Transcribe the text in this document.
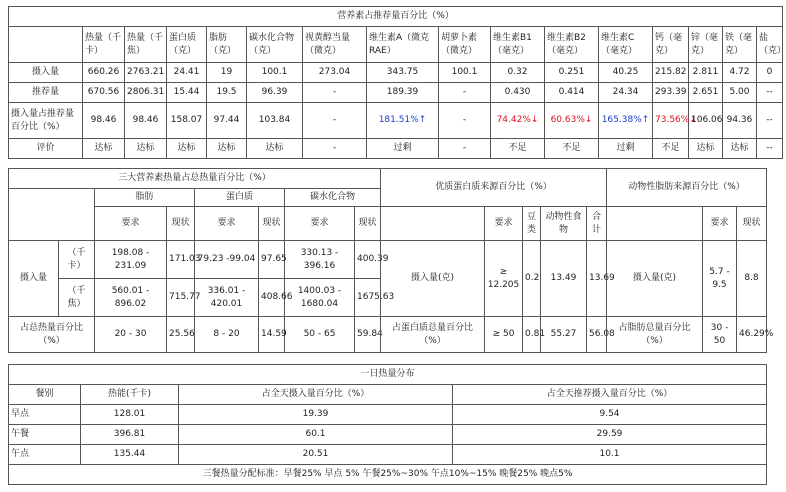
营养素占推荐量百分比（%）															
	热量（千卡）	热量（千焦）	蛋白质（克）	脂肪（克）	碳水化合物（克）	视黄醇当量（微克）	维生素A（微克RAE）	胡萝卜素（微克）	维生素B1（毫克）	维生素B2（毫克）	维生素C（毫克）	钙（毫克）	锌（毫克）	铁（毫克）	盐（克）
摄入量	660.26	2763.21	24.41	19	100.1	273.04	343.75	100.1	0.32	0.251	40.25	215.82	2.811	4.72	0
推荐量	670.56	2806.31	15.44	19.5	96.39	-	189.39	-	0.430	0.414	24.34	293.39	2.651	5.00	--
摄入量占推荐量百分比（%）	98.46	98.46	158.07	97.44	103.84	-	181.51%↑	-	74.42%↓	60.63%↓	165.38%↑	73.56%↓	106.06	94.36	--
评价	达标	达标	达标	达标	达标	-	过剩	-	不足	不足	过剩	不足	达标	达标	--
三大营养素热量占总热量百分比（%）							
		脂肪		蛋白质		碳水化合物	
		要求	现状	要求	现状	要求	现状
摄入量	（千卡）	198.08 - 231.09	171.03	79.23 -99.04	97.65	330.13 - 396.16	400.39
	（千焦）	560.01 - 896.02	715.77	336.01 - 420.01	408.66	1400.03 - 1680.04	1675.63
占总热量百分比（%）		20 - 30	25.56	8 - 20	14.59	50 - 65	59.84
优质蛋白质来源百分比（%）				
	要求	豆类	动物性食物	合计
摄入量(克)	≥ 12.205	0.2	13.49	13.69
占蛋白质总量百分比（%）	≥ 50	0.81	55.27	56.08
动物性脂肪来源百分比（%）		
	要求	现状
摄入量(克)	5.7 - 9.5	8.8
占脂肪总量百分比（%）	30 - 50	46.29%
一日热量分布			
餐别	热能(千卡)	占全天摄入量百分比（%）	占全天推荐摄入量百分比（%）
早点	128.01	19.39	9.54
午餐	396.81	60.1	29.59
午点	135.44	20.51	10.1
三餐热量分配标准：早餐25% 早点 5% 午餐25%~30% 午点10%~15% 晚餐25% 晚点5%			
